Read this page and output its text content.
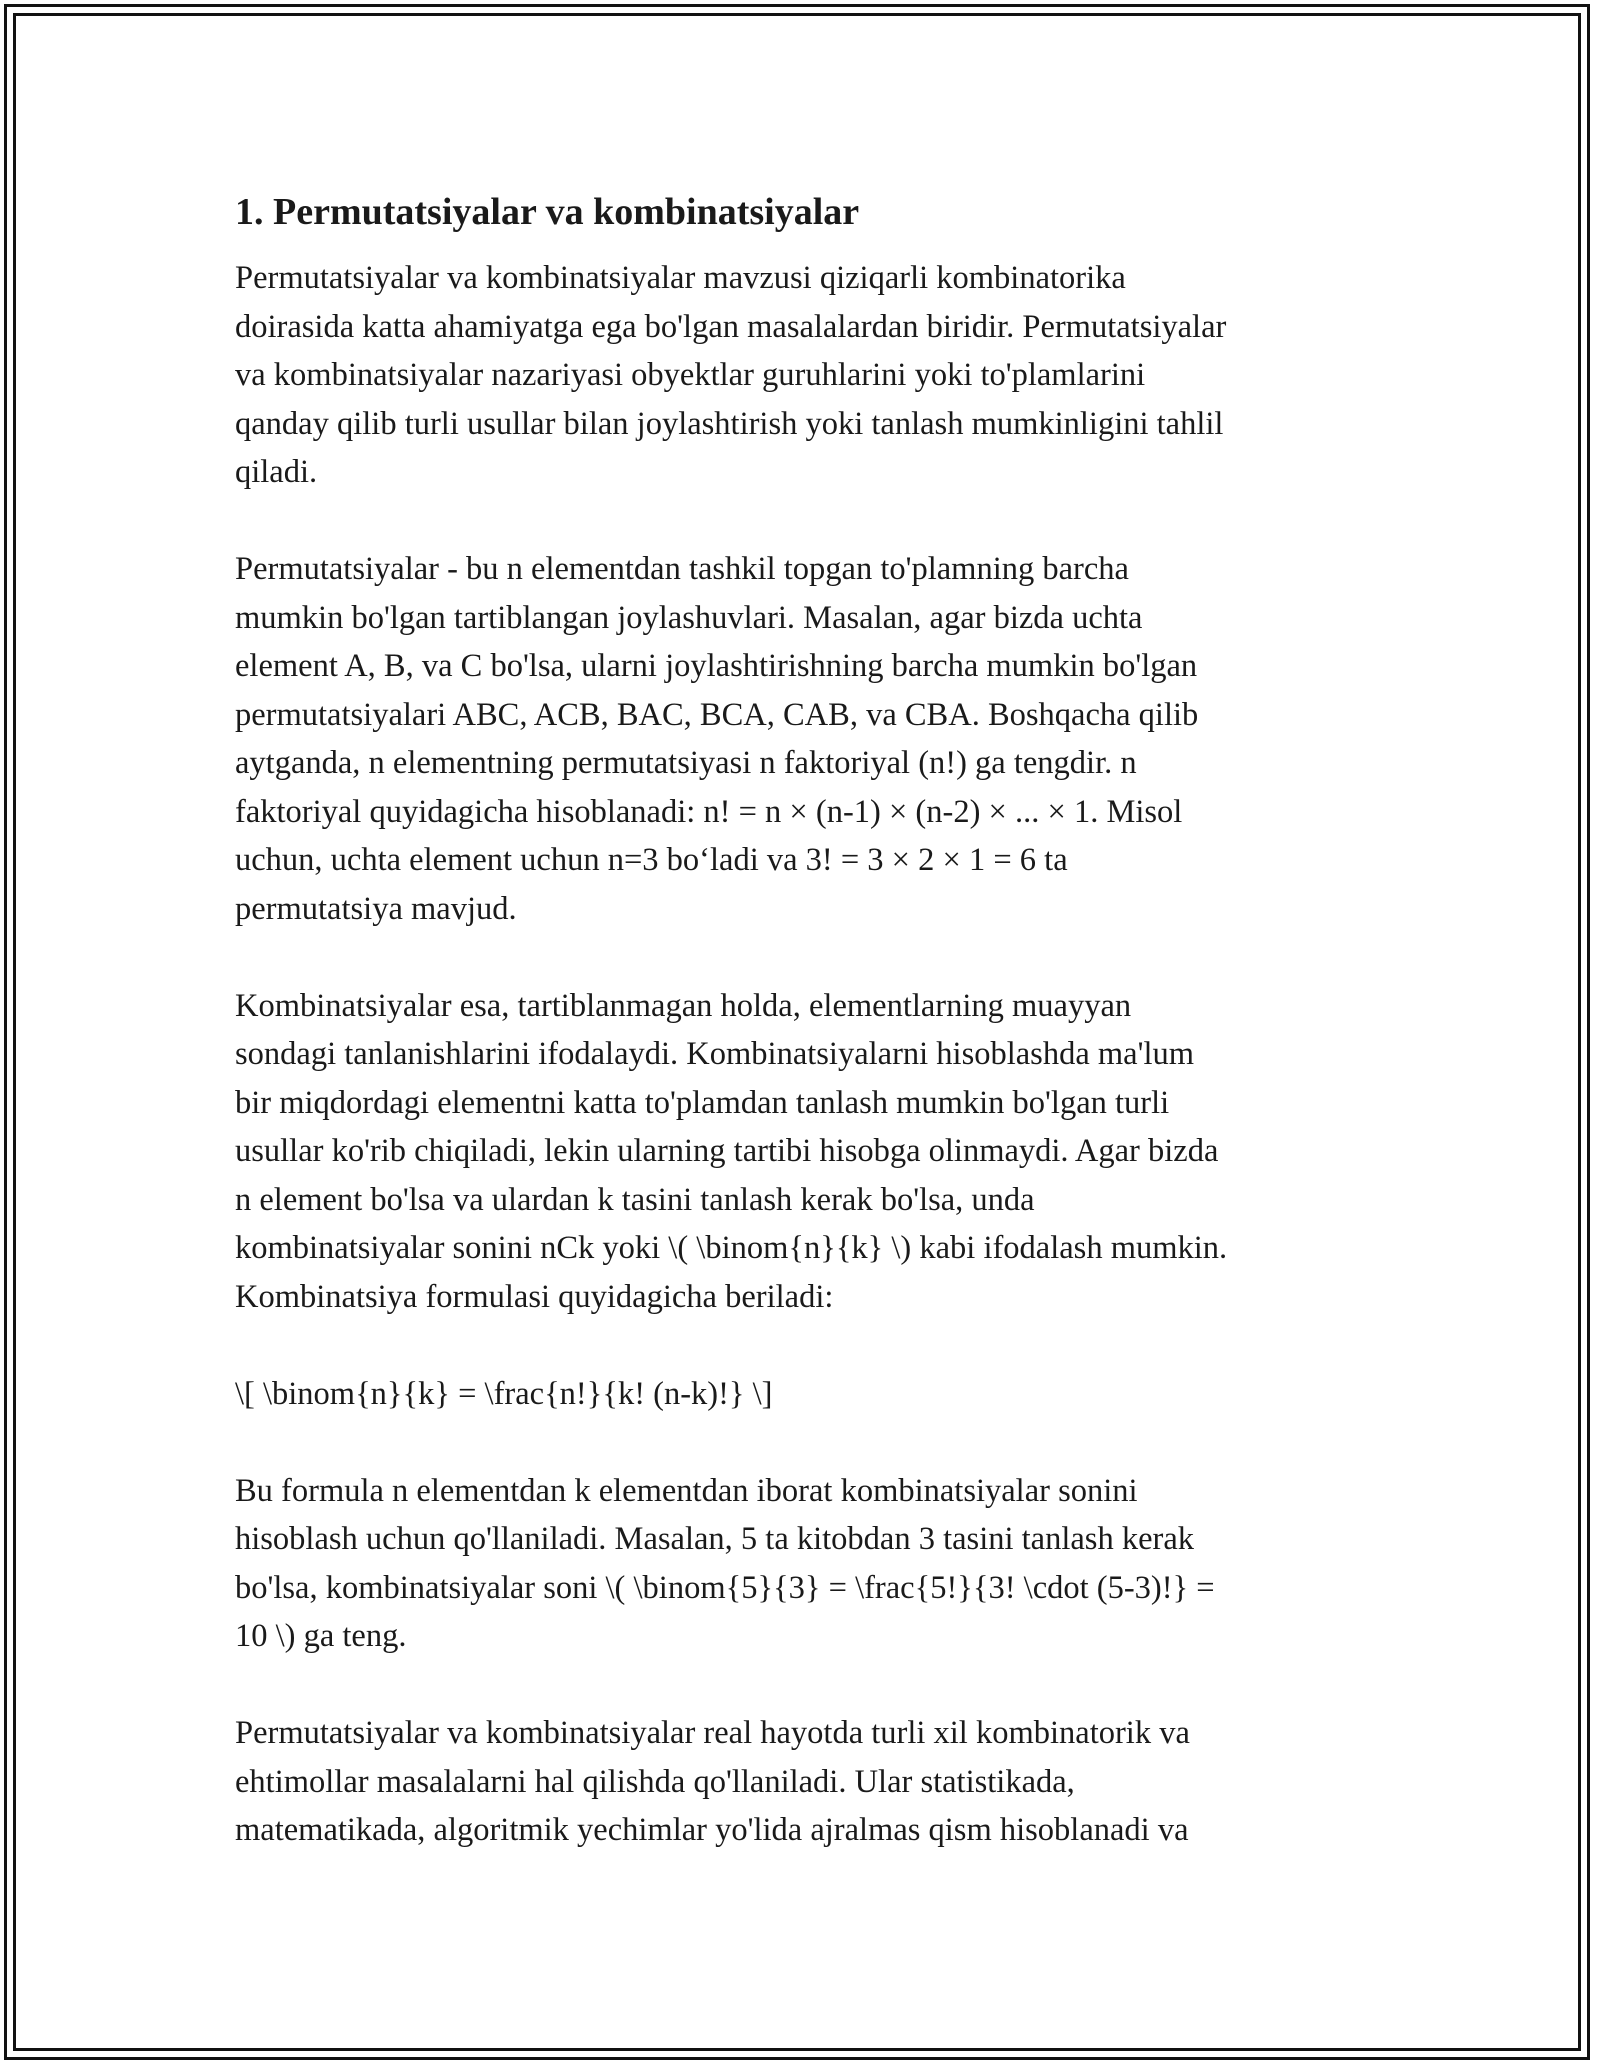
1. Permutatsiyalar va kombinatsiyalar

Permutatsiyalar va kombinatsiyalar mavzusi qiziqarli kombinatorika
doirasida katta ahamiyatga ega bo'lgan masalalardan biridir. Permutatsiyalar
va kombinatsiyalar nazariyasi obyektlar guruhlarini yoki to'plamlarini
qanday qilib turli usullar bilan joylashtirish yoki tanlash mumkinligini tahlil
qiladi.

Permutatsiyalar - bu n elementdan tashkil topgan to'plamning barcha
mumkin bo'lgan tartiblangan joylashuvlari. Masalan, agar bizda uchta
element A, B, va C bo'lsa, ularni joylashtirishning barcha mumkin bo'lgan
permutatsiyalari ABC, ACB, BAC, BCA, CAB, va CBA. Boshqacha qilib
aytganda, n elementning permutatsiyasi n faktoriyal (n!) ga tengdir. n
faktoriyal quyidagicha hisoblanadi: n! = n × (n-1) × (n-2) × ... × 1. Misol
uchun, uchta element uchun n=3 bo‘ladi va 3! = 3 × 2 × 1 = 6 ta
permutatsiya mavjud.

Kombinatsiyalar esa, tartiblanmagan holda, elementlarning muayyan
sondagi tanlanishlarini ifodalaydi. Kombinatsiyalarni hisoblashda ma'lum
bir miqdordagi elementni katta to'plamdan tanlash mumkin bo'lgan turli
usullar ko'rib chiqiladi, lekin ularning tartibi hisobga olinmaydi. Agar bizda
n element bo'lsa va ulardan k tasini tanlash kerak bo'lsa, unda
kombinatsiyalar sonini nCk yoki \( \binom{n}{k} \) kabi ifodalash mumkin.
Kombinatsiya formulasi quyidagicha beriladi:

\[ \binom{n}{k} = \frac{n!}{k! (n-k)!} \]

Bu formula n elementdan k elementdan iborat kombinatsiyalar sonini
hisoblash uchun qo'llaniladi. Masalan, 5 ta kitobdan 3 tasini tanlash kerak
bo'lsa, kombinatsiyalar soni \( \binom{5}{3} = \frac{5!}{3! \cdot (5-3)!} =
10 \) ga teng.

Permutatsiyalar va kombinatsiyalar real hayotda turli xil kombinatorik va
ehtimollar masalalarni hal qilishda qo'llaniladi. Ular statistikada,
matematikada, algoritmik yechimlar yo'lida ajralmas qism hisoblanadi va
